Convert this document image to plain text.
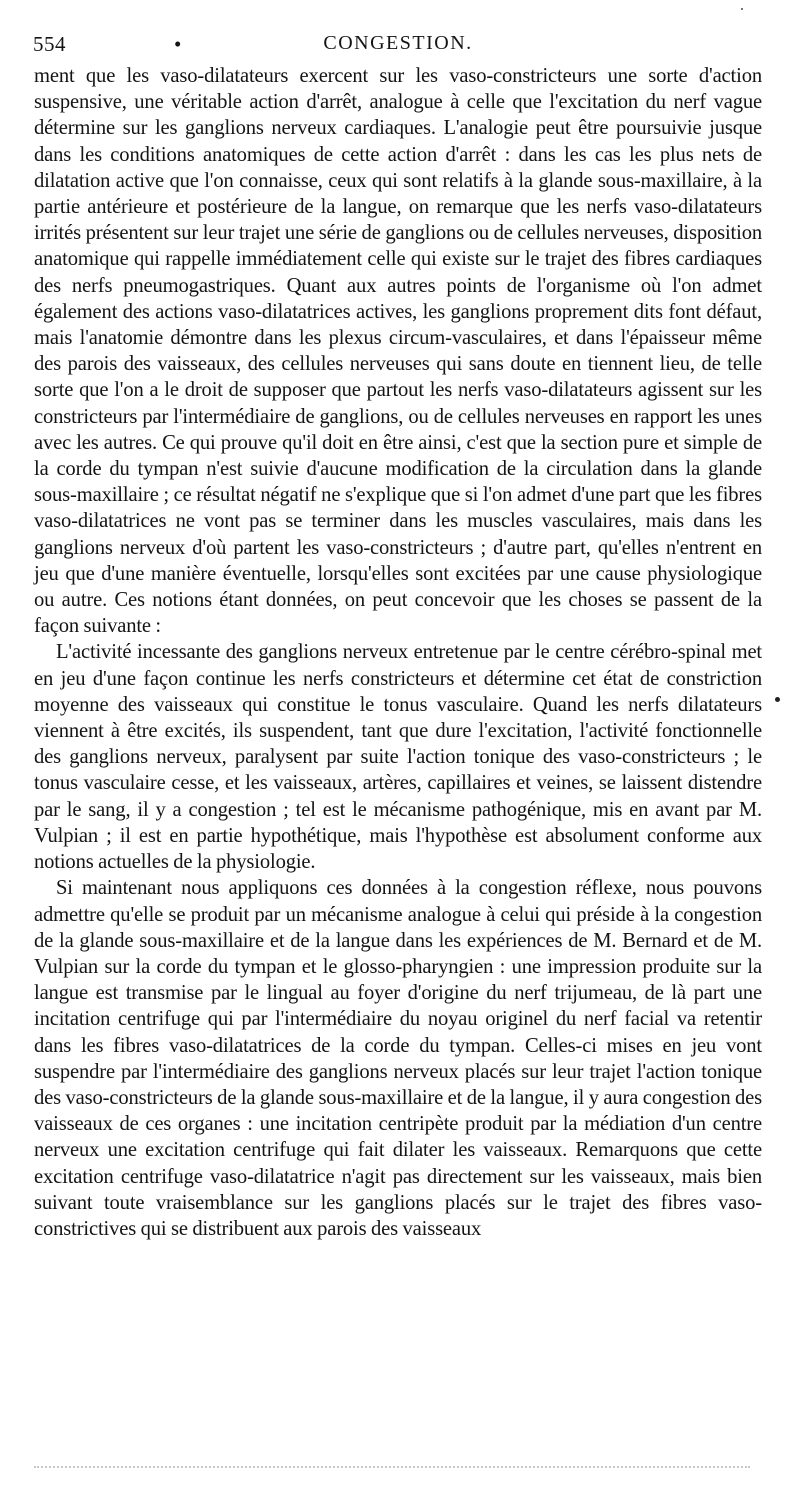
554	•	CONGESTION.

ment que les vaso-dilatateurs exercent sur les vaso-constricteurs une sorte d'action suspensive, une véritable action d'arrêt, analogue à celle que l'excitation du nerf vague détermine sur les ganglions nerveux cardiaques. L'analogie peut être poursuivie jusque dans les conditions anatomiques de cette action d'arrêt : dans les cas les plus nets de dilatation active que l'on connaisse, ceux qui sont relatifs à la glande sous-maxillaire, à la partie antérieure et postérieure de la langue, on remarque que les nerfs vaso-dilatateurs irrités présentent sur leur trajet une série de ganglions ou de cellules nerveuses, disposition anatomique qui rappelle immédiatement celle qui existe sur le trajet des fibres cardiaques des nerfs pneumogastriques. Quant aux autres points de l'organisme où l'on admet également des actions vaso-dilatatrices actives, les ganglions proprement dits font défaut, mais l'anatomie démontre dans les plexus circum-vasculaires, et dans l'épaisseur même des parois des vaisseaux, des cellules nerveuses qui sans doute en tiennent lieu, de telle sorte que l'on a le droit de supposer que partout les nerfs vaso-dilatateurs agissent sur les constricteurs par l'intermédiaire de ganglions, ou de cellules nerveuses en rapport les unes avec les autres. Ce qui prouve qu'il doit en être ainsi, c'est que la section pure et simple de la corde du tympan n'est suivie d'aucune modification de la circulation dans la glande sous-maxillaire ; ce résultat négatif ne s'explique que si l'on admet d'une part que les fibres vaso-dilatatrices ne vont pas se terminer dans les muscles vasculaires, mais dans les ganglions nerveux d'où partent les vaso-constricteurs ; d'autre part, qu'elles n'entrent en jeu que d'une manière éventuelle, lorsqu'elles sont excitées par une cause physiologique ou autre. Ces notions étant données, on peut concevoir que les choses se passent de la façon suivante :

L'activité incessante des ganglions nerveux entretenue par le centre cérébro-spinal met en jeu d'une façon continue les nerfs constricteurs et détermine cet état de constriction moyenne des vaisseaux qui constitue le tonus vasculaire. Quand les nerfs dilatateurs viennent à être excités, ils suspendent, tant que dure l'excitation, l'activité fonctionnelle des ganglions nerveux, paralysent par suite l'action tonique des vaso-constricteurs ; le tonus vasculaire cesse, et les vaisseaux, artères, capillaires et veines, se laissent distendre par le sang, il y a congestion ; tel est le mécanisme pathogénique, mis en avant par M. Vulpian ; il est en partie hypothétique, mais l'hypothèse est absolument conforme aux notions actuelles de la physiologie.

Si maintenant nous appliquons ces données à la congestion réflexe, nous pouvons admettre qu'elle se produit par un mécanisme analogue à celui qui préside à la congestion de la glande sous-maxillaire et de la langue dans les expériences de M. Bernard et de M. Vulpian sur la corde du tympan et le glosso-pharyngien : une impression produite sur la langue est transmise par le lingual au foyer d'origine du nerf trijumeau, de là part une incitation centrifuge qui par l'intermédiaire du noyau originel du nerf facial va retentir dans les fibres vaso-dilatatrices de la corde du tympan. Celles-ci mises en jeu vont suspendre par l'intermédiaire des ganglions nerveux placés sur leur trajet l'action tonique des vaso-constricteurs de la glande sous-maxillaire et de la langue, il y aura congestion des vaisseaux de ces organes : une incitation centripète produit par la médiation d'un centre nerveux une excitation centrifuge qui fait dilater les vaisseaux. Remarquons que cette excitation centrifuge vaso-dilatatrice n'agit pas directement sur les vaisseaux, mais bien suivant toute vraisemblance sur les ganglions placés sur le trajet des fibres vaso-constrictives qui se distribuent aux parois des vaisseaux
